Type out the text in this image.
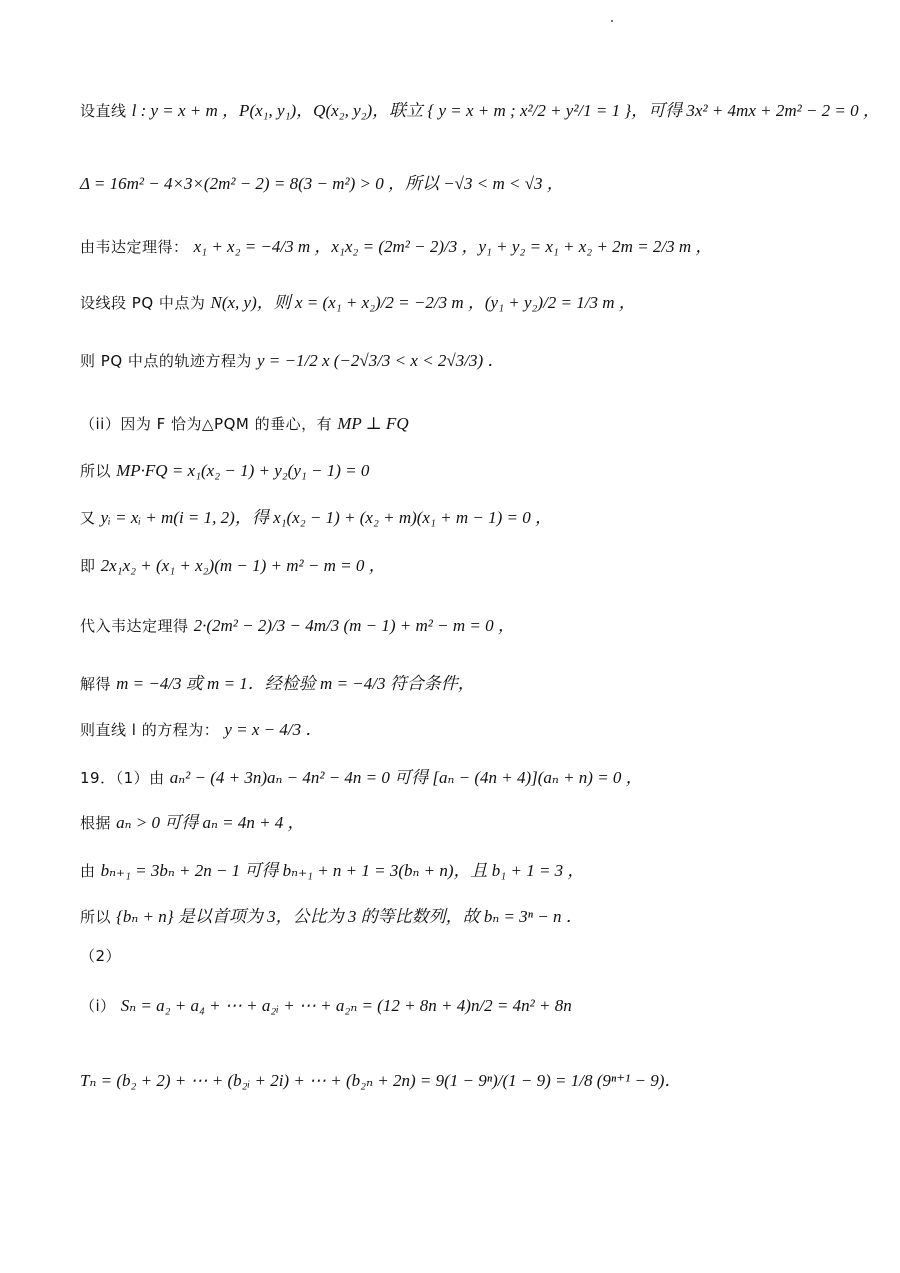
设直线 l : y = x + m ，P(x₁, y₁)，Q(x₂, y₂)，联立 { y = x + m ; x²/2 + y²/1 = 1 }，可得 3x² + 4mx + 2m² − 2 = 0 ，
Δ = 16m² − 4×3×(2m² − 2) = 8(3 − m²) > 0 ，所以 −√3 < m < √3 ，
由韦达定理得： x₁ + x₂ = −4/3 m ，x₁x₂ = (2m² − 2)/3 ，y₁ + y₂ = x₁ + x₂ + 2m = 2/3 m ，
设线段 PQ 中点为 N(x, y)，则 x = (x₁ + x₂)/2 = −2/3 m ，(y₁ + y₂)/2 = 1/3 m ，
则 PQ 中点的轨迹方程为 y = −1/2 x (−2√3/3 < x < 2√3/3) ．
（ii）因为 F 恰为△PQM 的垂心，有 MP ⊥ FQ
所以 MP·FQ = x₁(x₂ − 1) + y₂(y₁ − 1) = 0
又 yᵢ = xᵢ + m(i = 1, 2)，得 x₁(x₂ − 1) + (x₂ + m)(x₁ + m − 1) = 0 ，
即 2x₁x₂ + (x₁ + x₂)(m − 1) + m² − m = 0 ，
代入韦达定理得 2·(2m² − 2)/3 − 4m/3 (m − 1) + m² − m = 0 ，
解得 m = −4/3 或 m = 1．经检验 m = −4/3 符合条件，
则直线 l 的方程为： y = x − 4/3 ．
19．（1）由 aₙ² − (4 + 3n)aₙ − 4n² − 4n = 0 可得 [aₙ − (4n + 4)](aₙ + n) = 0 ，
根据 aₙ > 0 可得 aₙ = 4n + 4 ，
由 bₙ₊₁ = 3bₙ + 2n − 1 可得 bₙ₊₁ + n + 1 = 3(bₙ + n)，且 b₁ + 1 = 3 ，
所以 {bₙ + n} 是以首项为 3，公比为 3 的等比数列，故 bₙ = 3ⁿ − n ．
（2）
（i） Sₙ = a₂ + a₄ + ⋯ + a₂ᵢ + ⋯ + a₂ₙ = (12 + 8n + 4)n/2 = 4n² + 8n
Tₙ = (b₂ + 2) + ⋯ + (b₂ᵢ + 2i) + ⋯ + (b₂ₙ + 2n) = 9(1 − 9ⁿ)/(1 − 9) = 1/8 (9ⁿ⁺¹ − 9)．
